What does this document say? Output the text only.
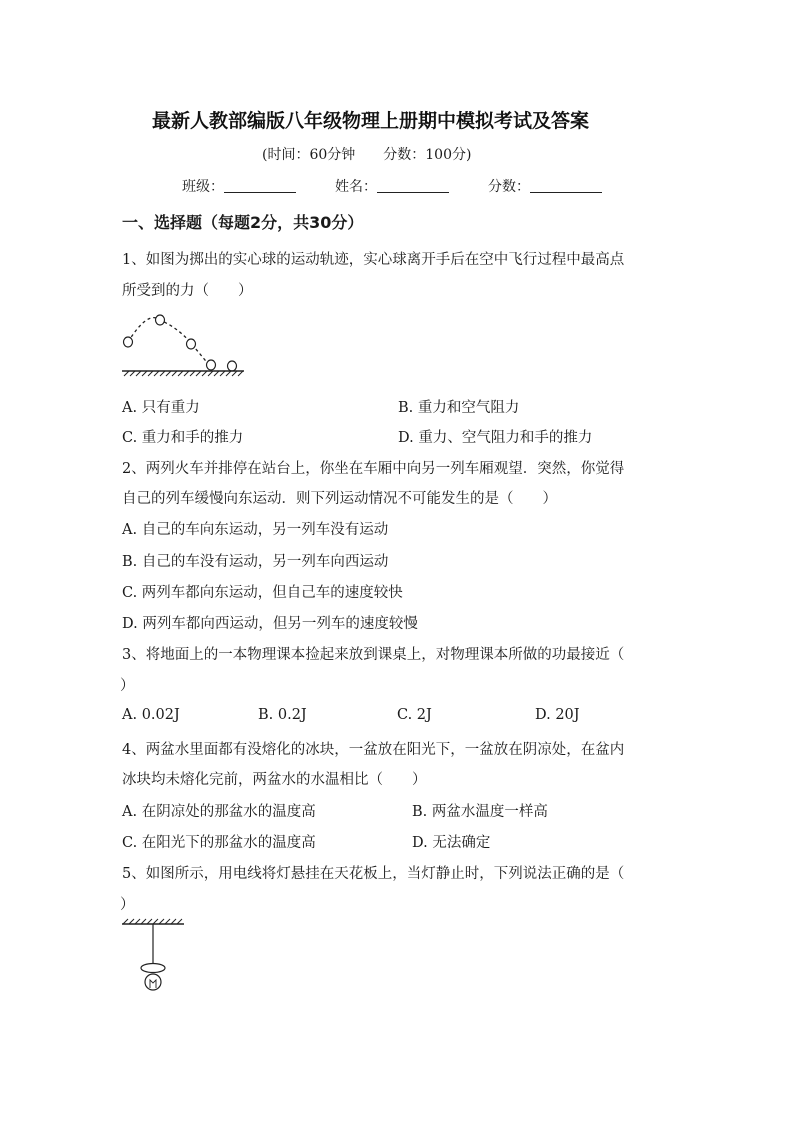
最新人教部编版八年级物理上册期中模拟考试及答案
(时间：60分钟　　分数：100分)
班级：	姓名：	分数：
一、选择题（每题2分，共30分）
1、如图为掷出的实心球的运动轨迹，实心球离开手后在空中飞行过程中最高点
所受到的力（　　）
A. 只有重力	B. 重力和空气阻力
C. 重力和手的推力	D. 重力、空气阻力和手的推力
2、两列火车并排停在站台上，你坐在车厢中向另一列车厢观望．突然，你觉得
自己的列车缓慢向东运动．则下列运动情况不可能发生的是（　　）
A. 自己的车向东运动，另一列车没有运动
B. 自己的车没有运动，另一列车向西运动
C. 两列车都向东运动，但自己车的速度较快
D. 两列车都向西运动，但另一列车的速度较慢
3、将地面上的一本物理课本捡起来放到课桌上，对物理课本所做的功最接近（
）
A. 0.02J	B. 0.2J	C. 2J	D. 20J
4、两盆水里面都有没熔化的冰块，一盆放在阳光下，一盆放在阴凉处，在盆内
冰块均未熔化完前，两盆水的水温相比（　　）
A. 在阴凉处的那盆水的温度高	B. 两盆水温度一样高
C. 在阳光下的那盆水的温度高	D. 无法确定
5、如图所示，用电线将灯悬挂在天花板上，当灯静止时，下列说法正确的是（
）
